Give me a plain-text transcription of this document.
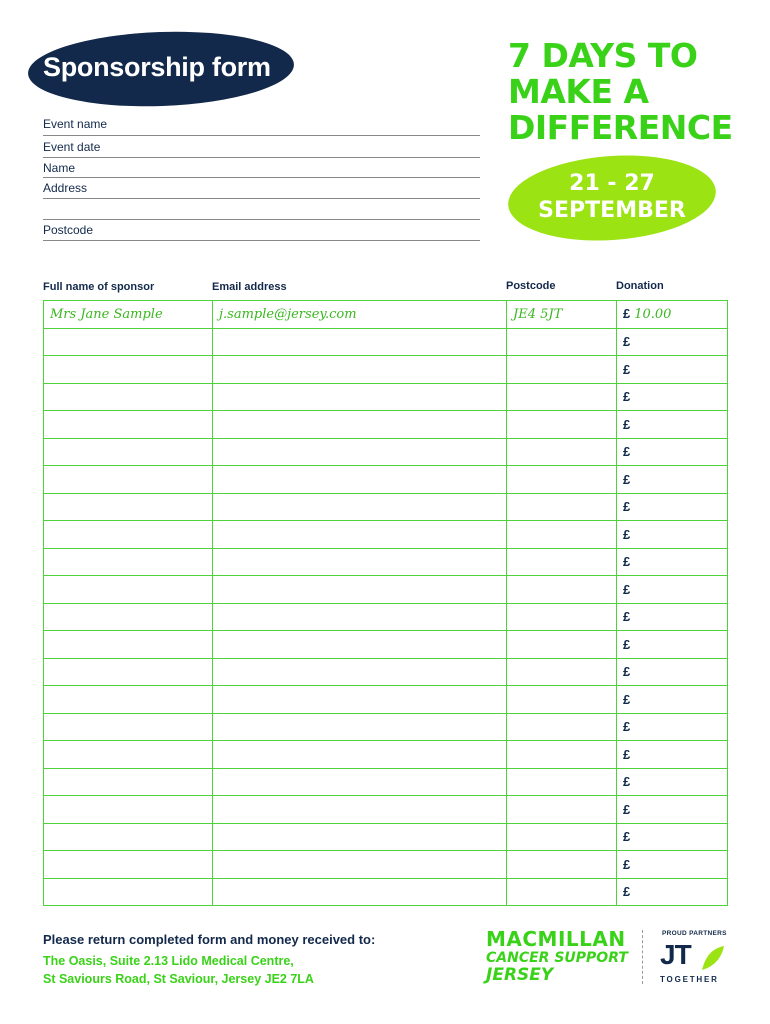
Sponsorship form	7 DAYS TO
MAKE A
DIFFERENCE
21 - 27
SEPTEMBER
Event name
Event date
Name
Address
Postcode
Full name of sponsor	Email address	Postcode	Donation
Mrs Jane Sample	j.sample@jersey.com	JE4 5JT	£ 10.00
			£
			£
			£
			£
			£
			£
			£
			£
			£
			£
			£
			£
			£
			£
			£
			£
			£
			£
			£
			£
			£
Please return completed form and money received to:
The Oasis, Suite 2.13 Lido Medical Centre,
St Saviours Road, St Saviour, Jersey JE2 7LA
MACMILLAN
CANCER SUPPORT
JERSEY
PROUD PARTNERS
JT
TOGETHER
